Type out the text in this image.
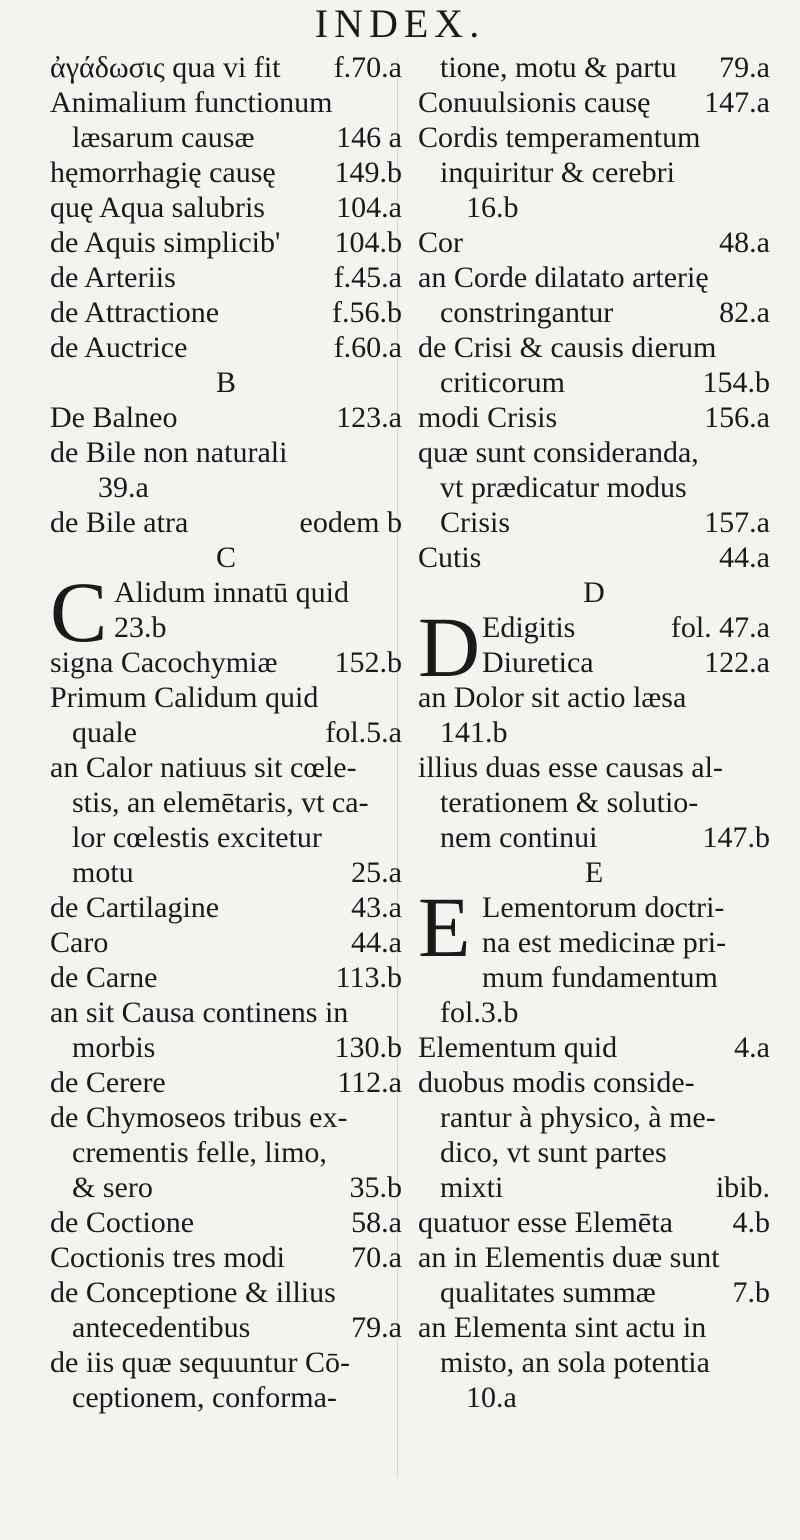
INDEX.
ἀγάδωσις qua vi fit f.70.a
Animalium functionum
læsarum causæ	146 a
hęmorrhagię causę 149.b
quę Aqua salubris 104.a
de Aquis simplicib' 104.b
de Arteriis	f.45.a
de Attractione	f.56.b
de Auctrice	f.60.a
B
De Balneo	123.a
de Bile non naturali
39.a
de Bile atra	eodem b
C
C Alidum innatū quid
23.b
signa Cacochymiæ 152.b
Primum Calidum quid
quale	fol.5.a
an Calor natiuus sit cœle-
stis, an elemētaris, vt ca-
lor cœlestis excitetur
motu	25.a
de Cartilagine	43.a
Caro	44.a
de Carne	113.b
an sit Causa continens in
morbis	130.b
de Cerere	112.a
de Chymoseos tribus ex-
crementis felle, limo,
& sero	35.b
de Coctione	58.a
Coctionis tres modi 70.a
de Conceptione & illius
antecedentibus	79.a
de iis quæ sequuntur Cō-
ceptionem, conforma-
tione, motu & partu 79.a
Conuulsionis causę 147.a
Cordis temperamentum
inquiritur & cerebri
16.b
Cor	48.a
an Corde dilatato arterię
constringantur	82.a
de Crisi & causis dierum
criticorum	154.b
modi Crisis	156.a
quæ sunt consideranda,
vt prædicatur modus
Crisis	157.a
Cutis	44.a
D
D Edigitis	fol. 47.a
Diuretica	122.a
an Dolor sit actio læsa
141.b
illius duas esse causas al-
terationem & solutio-
nem continui	147.b
E
E Lementorum doctri-
na est medicinæ pri-
mum fundamentum
fol.3.b
Elementum quid	4.a
duobus modis conside-
rantur à physico, à me-
dico, vt sunt partes
mixti	ibib.
quatuor esse Elemēta 4.b
an in Elementis duæ sunt
qualitates summæ	7.b
an Elementa sint actu in
misto, an sola potentia
10.a
